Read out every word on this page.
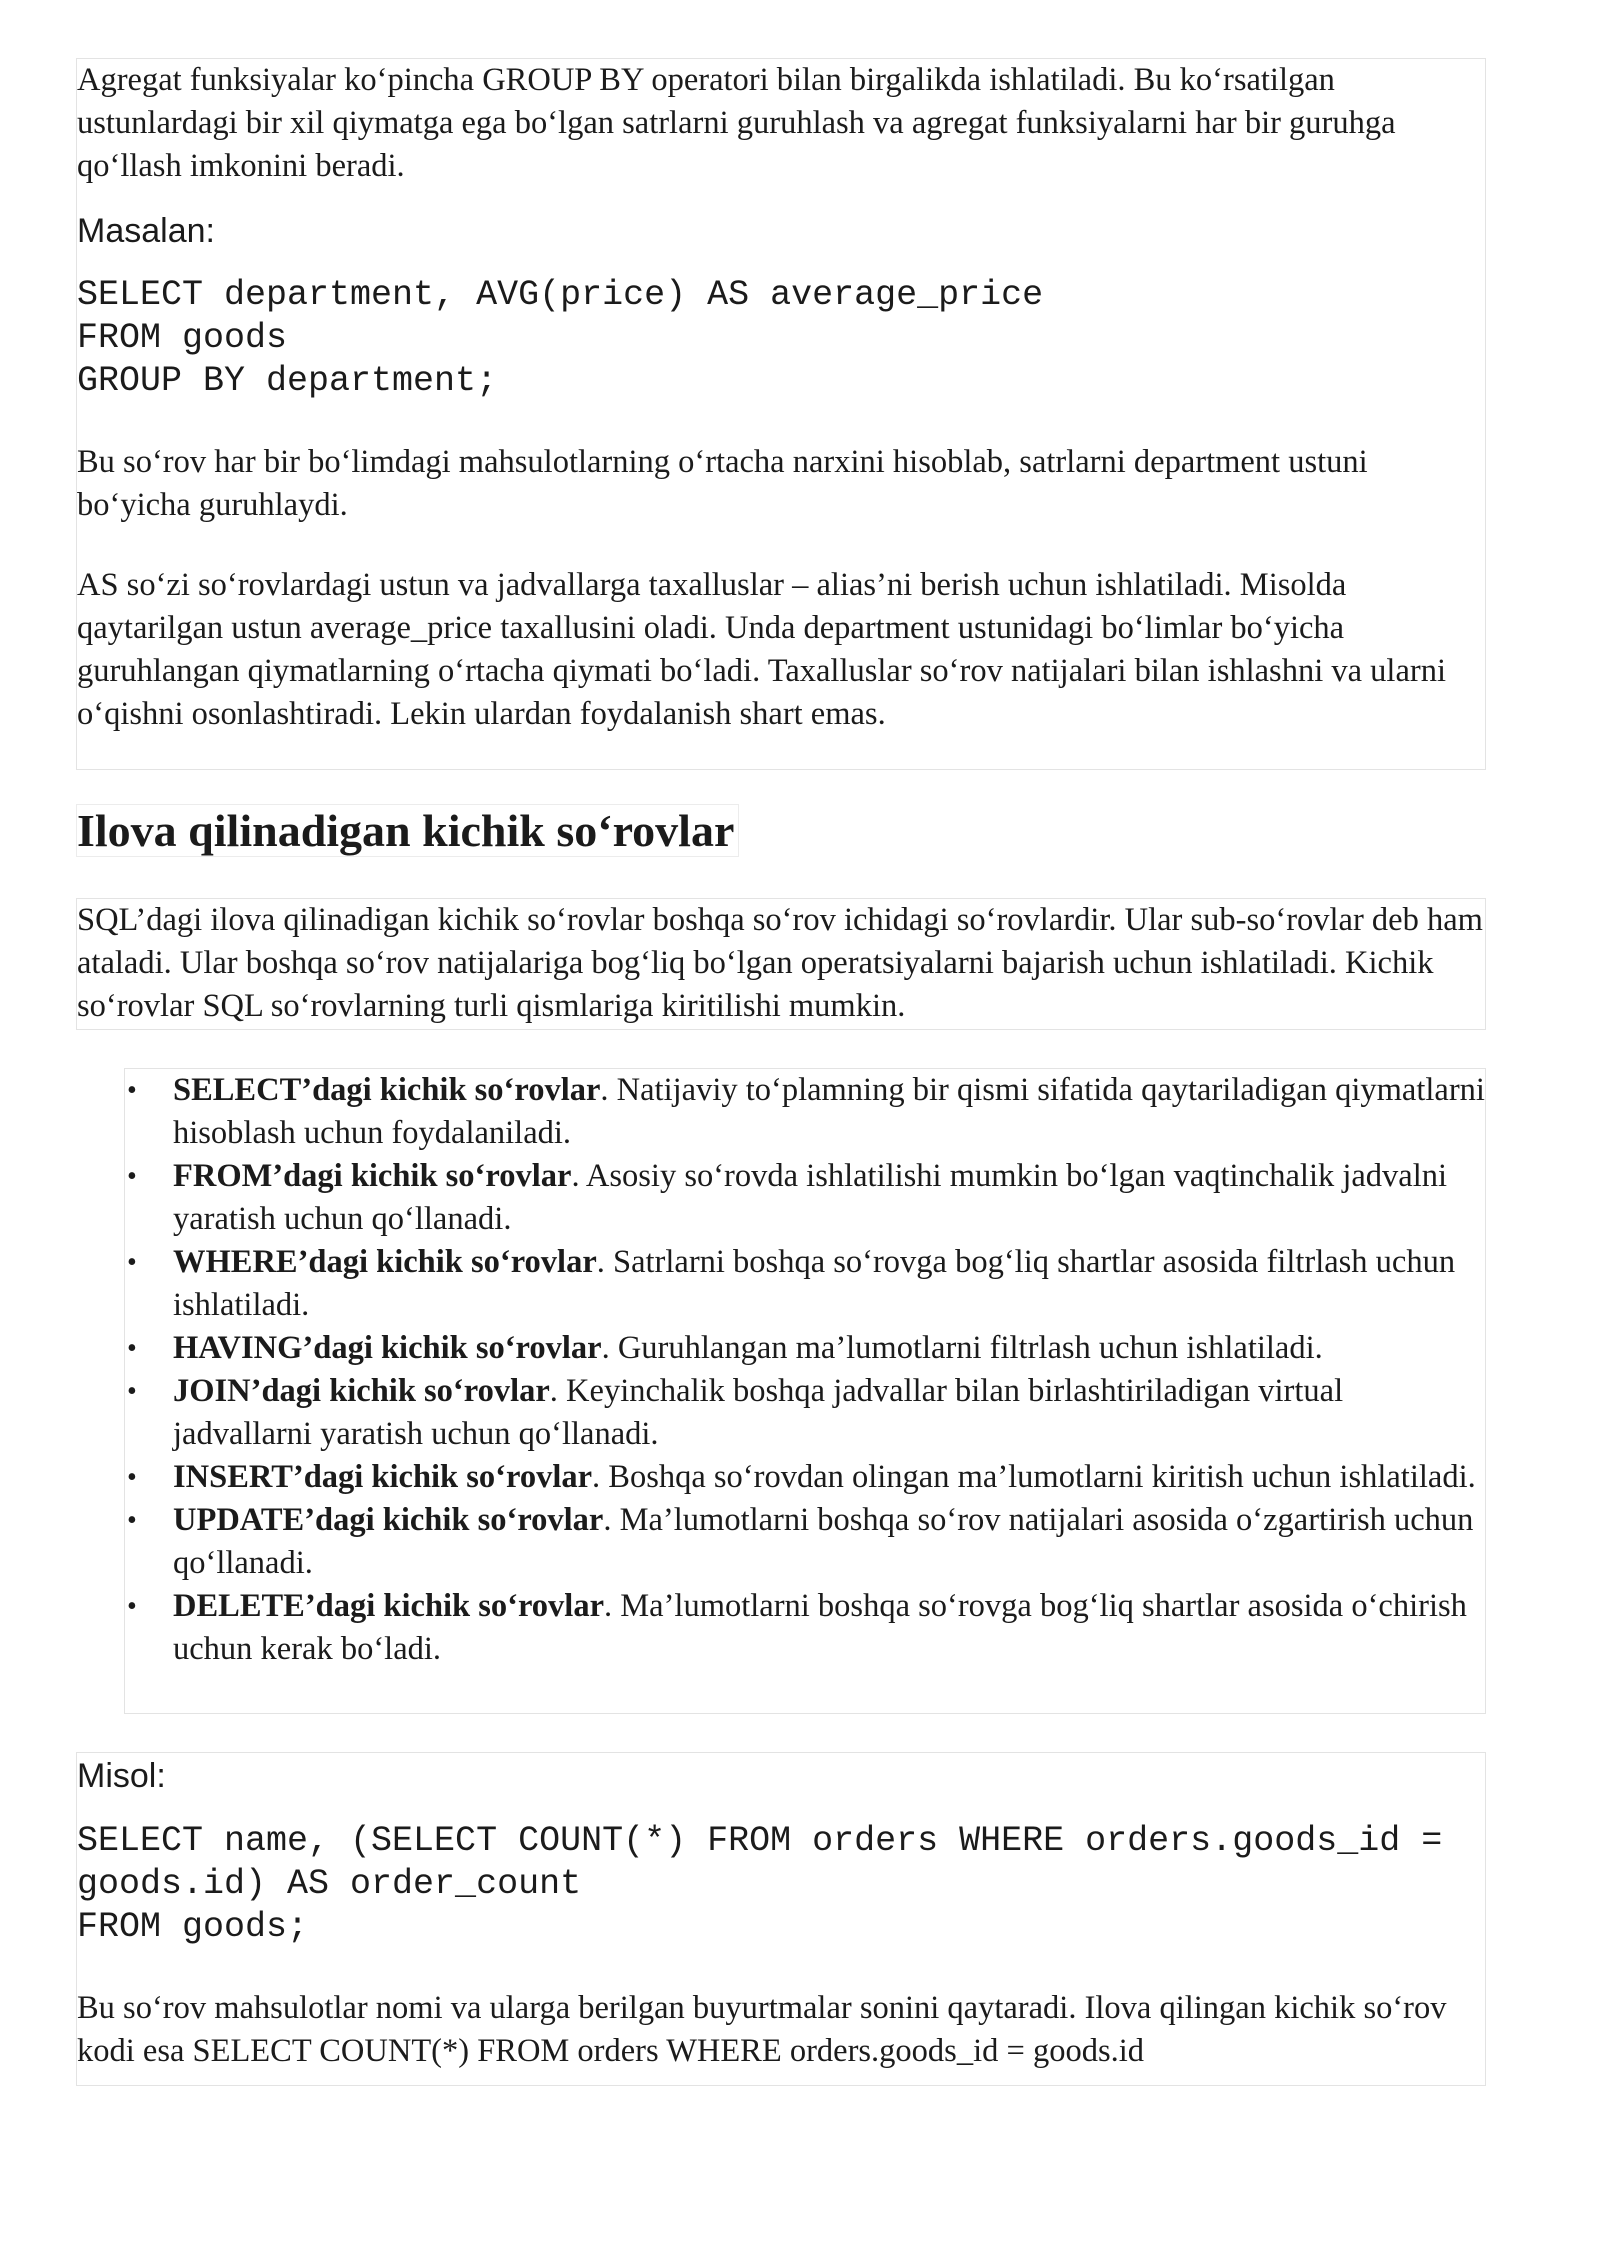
Agregat funksiyalar ko‘pincha GROUP BY operatori bilan birgalikda ishlatiladi. Bu ko‘rsatilgan ustunlardagi bir xil qiymatga ega bo‘lgan satrlarni guruhlash va agregat funksiyalarni har bir guruhga qo‘llash imkonini beradi.

Masalan:

SELECT department, AVG(price) AS average_price
FROM goods
GROUP BY department;

Bu so‘rov har bir bo‘limdagi mahsulotlarning o‘rtacha narxini hisoblab, satrlarni department ustuni bo‘yicha guruhlaydi.

AS so‘zi so‘rovlardagi ustun va jadvallarga taxalluslar – alias’ni berish uchun ishlatiladi. Misolda qaytarilgan ustun average_price taxallusini oladi. Unda department ustunidagi bo‘limlar bo‘yicha guruhlangan qiymatlarning o‘rtacha qiymati bo‘ladi. Taxalluslar so‘rov natijalari bilan ishlashni va ularni o‘qishni osonlashtiradi. Lekin ulardan foydalanish shart emas.

Ilova qilinadigan kichik so‘rovlar

SQL’dagi ilova qilinadigan kichik so‘rovlar boshqa so‘rov ichidagi so‘rovlardir. Ular sub-so‘rovlar deb ham ataladi. Ular boshqa so‘rov natijalariga bog‘liq bo‘lgan operatsiyalarni bajarish uchun ishlatiladi. Kichik so‘rovlar SQL so‘rovlarning turli qismlariga kiritilishi mumkin.

• SELECT’dagi kichik so‘rovlar. Natijaviy to‘plamning bir qismi sifatida qaytariladigan qiymatlarni hisoblash uchun foydalaniladi.
• FROM’dagi kichik so‘rovlar. Asosiy so‘rovda ishlatilishi mumkin bo‘lgan vaqtinchalik jadvalni yaratish uchun qo‘llanadi.
• WHERE’dagi kichik so‘rovlar. Satrlarni boshqa so‘rovga bog‘liq shartlar asosida filtrlash uchun ishlatiladi.
• HAVING’dagi kichik so‘rovlar. Guruhlangan ma’lumotlarni filtrlash uchun ishlatiladi.
• JOIN’dagi kichik so‘rovlar. Keyinchalik boshqa jadvallar bilan birlashtiriladigan virtual jadvallarni yaratish uchun qo‘llanadi.
• INSERT’dagi kichik so‘rovlar. Boshqa so‘rovdan olingan ma’lumotlarni kiritish uchun ishlatiladi.
• UPDATE’dagi kichik so‘rovlar. Ma’lumotlarni boshqa so‘rov natijalari asosida o‘zgartirish uchun qo‘llanadi.
• DELETE’dagi kichik so‘rovlar. Ma’lumotlarni boshqa so‘rovga bog‘liq shartlar asosida o‘chirish uchun kerak bo‘ladi.

Misol:

SELECT name, (SELECT COUNT(*) FROM orders WHERE orders.goods_id =
goods.id) AS order_count
FROM goods;

Bu so‘rov mahsulotlar nomi va ularga berilgan buyurtmalar sonini qaytaradi. Ilova qilingan kichik so‘rov kodi esa SELECT COUNT(*) FROM orders WHERE orders.goods_id = goods.id
